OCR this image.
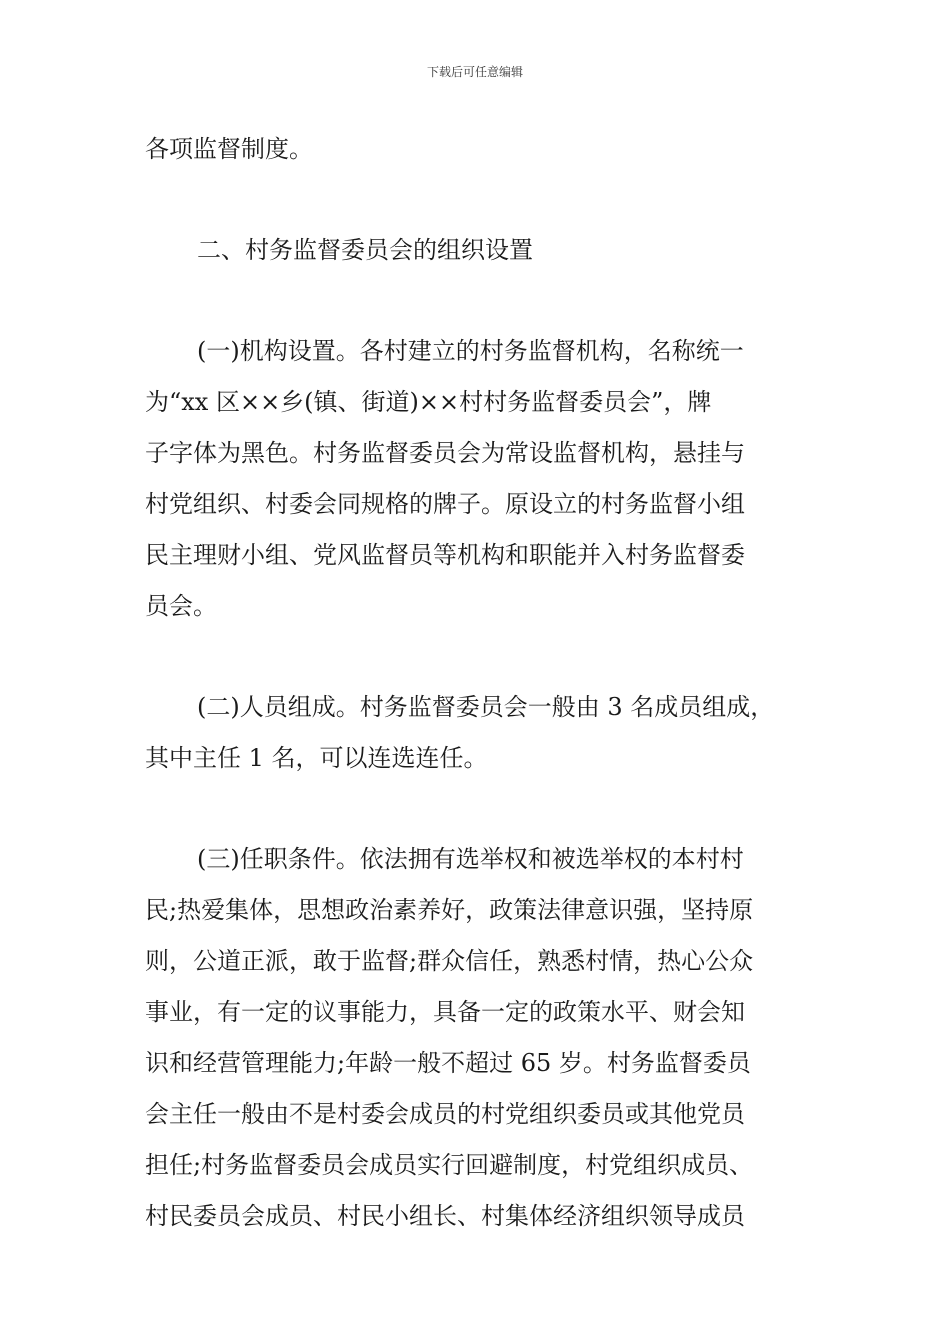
下载后可任意编辑
各项监督制度。
二、村务监督委员会的组织设置
(一)机构设置。各村建立的村务监督机构，名称统一
为“xx 区××乡(镇、街道)××村村务监督委员会”，牌
子字体为黑色。村务监督委员会为常设监督机构，悬挂与
村党组织、村委会同规格的牌子。原设立的村务监督小组
民主理财小组、党风监督员等机构和职能并入村务监督委
员会。
(二)人员组成。村务监督委员会一般由 3 名成员组成，
其中主任 1 名，可以连选连任。
(三)任职条件。依法拥有选举权和被选举权的本村村
民;热爱集体，思想政治素养好，政策法律意识强，坚持原
则，公道正派，敢于监督;群众信任，熟悉村情，热心公众
事业，有一定的议事能力，具备一定的政策水平、财会知
识和经营管理能力;年龄一般不超过 65 岁。村务监督委员
会主任一般由不是村委会成员的村党组织委员或其他党员
担任;村务监督委员会成员实行回避制度，村党组织成员、
村民委员会成员、村民小组长、村集体经济组织领导成员
